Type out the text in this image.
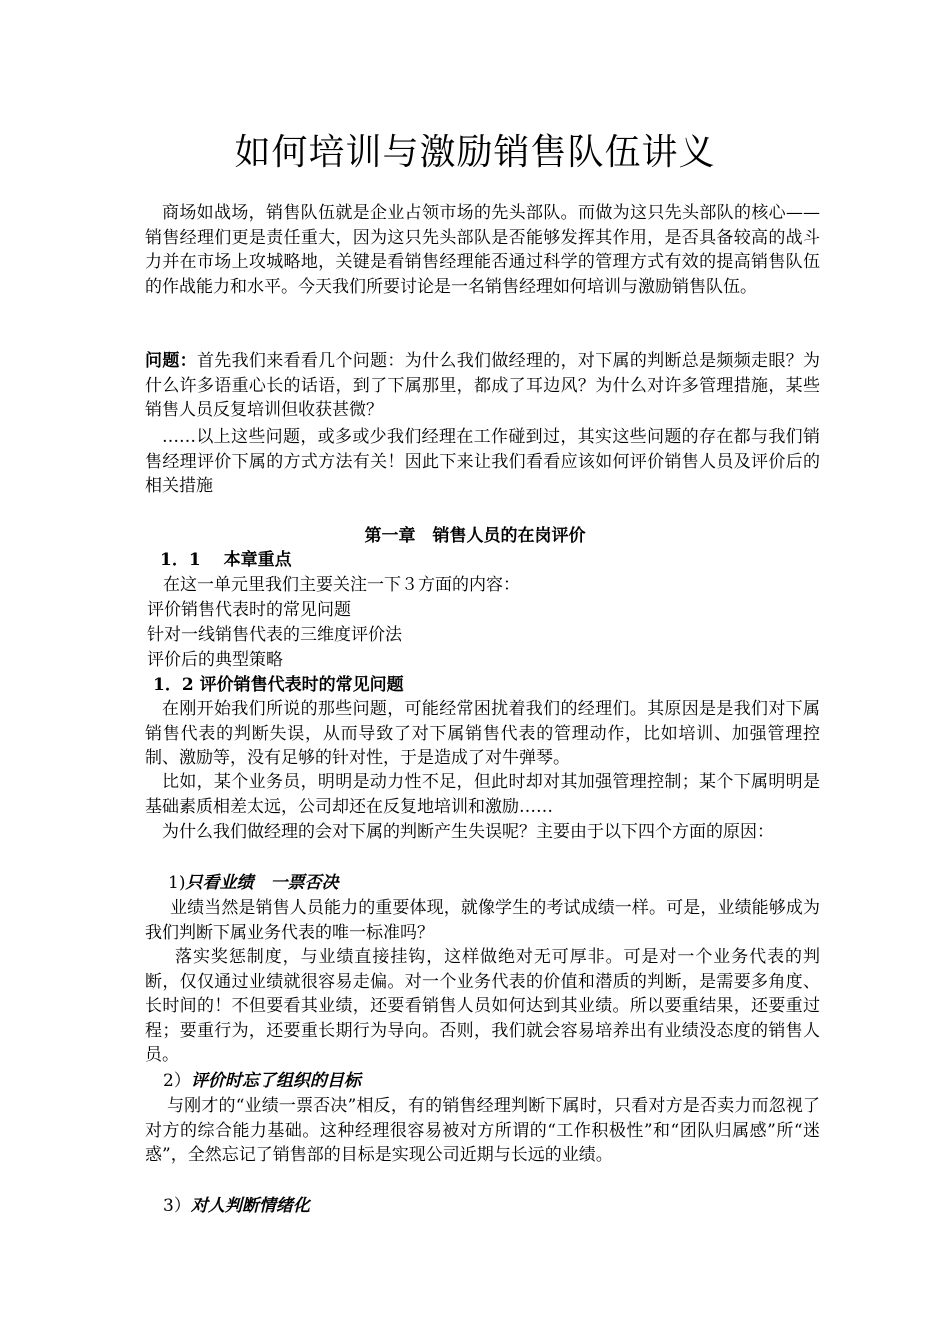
如何培训与激励销售队伍讲义

商场如战场，销售队伍就是企业占领市场的先头部队。而做为这只先头部队的核心——销售经理们更是责任重大，因为这只先头部队是否能够发挥其作用，是否具备较高的战斗力并在市场上攻城略地，关键是看销售经理能否通过科学的管理方式有效的提高销售队伍的作战能力和水平。今天我们所要讨论是一名销售经理如何培训与激励销售队伍。

问题：首先我们来看看几个问题：为什么我们做经理的，对下属的判断总是频频走眼？为什么许多语重心长的话语，到了下属那里，都成了耳边风？为什么对许多管理措施，某些销售人员反复培训但收获甚微？

……以上这些问题，或多或少我们经理在工作碰到过，其实这些问题的存在都与我们销售经理评价下属的方式方法有关！因此下来让我们看看应该如何评价销售人员及评价后的相关措施

第一章　销售人员的在岗评价
1．1　 本章重点
在这一单元里我们主要关注一下３方面的内容：
评价销售代表时的常见问题
针对一线销售代表的三维度评价法
评价后的典型策略
1．2 评价销售代表时的常见问题

在刚开始我们所说的那些问题，可能经常困扰着我们的经理们。其原因是是我们对下属销售代表的判断失误，从而导致了对下属销售代表的管理动作，比如培训、加强管理控制、激励等，没有足够的针对性，于是造成了对牛弹琴。

比如，某个业务员，明明是动力性不足，但此时却对其加强管理控制；某个下属明明是基础素质相差太远，公司却还在反复地培训和激励……

为什么我们做经理的会对下属的判断产生失误呢？主要由于以下四个方面的原因：

1)只看业绩　一票否决

业绩当然是销售人员能力的重要体现，就像学生的考试成绩一样。可是，业绩能够成为我们判断下属业务代表的唯一标准吗？

落实奖惩制度，与业绩直接挂钩，这样做绝对无可厚非。可是对一个业务代表的判断，仅仅通过业绩就很容易走偏。对一个业务代表的价值和潜质的判断，是需要多角度、长时间的！不但要看其业绩，还要看销售人员如何达到其业绩。所以要重结果，还要重过程；要重行为，还要重长期行为导向。否则，我们就会容易培养出有业绩没态度的销售人员。

2）评价时忘了组织的目标

与刚才的“业绩一票否决”相反，有的销售经理判断下属时，只看对方是否卖力而忽视了对方的综合能力基础。这种经理很容易被对方所谓的“工作积极性”和“团队归属感”所“迷惑”，全然忘记了销售部的目标是实现公司近期与长远的业绩。

3）对人判断情绪化
